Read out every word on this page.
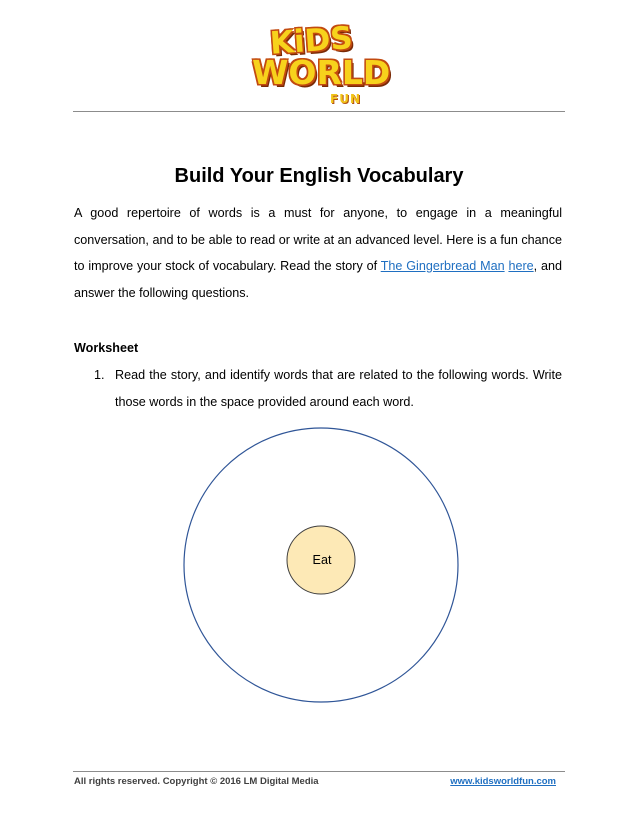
KiDS
WORLD
FUN
Build Your English Vocabulary

A good repertoire of words is a must for anyone, to engage in a meaningful conversation, and to be able to read or write at an advanced level. Here is a fun chance to improve your stock of vocabulary. Read the story of The Gingerbread Man here, and answer the following questions.

Worksheet
1. Read the story, and identify words that are related to the following words. Write those words in the space provided around each word.
Eat
All rights reserved. Copyright © 2016 LM Digital Media	www.kidsworldfun.com
